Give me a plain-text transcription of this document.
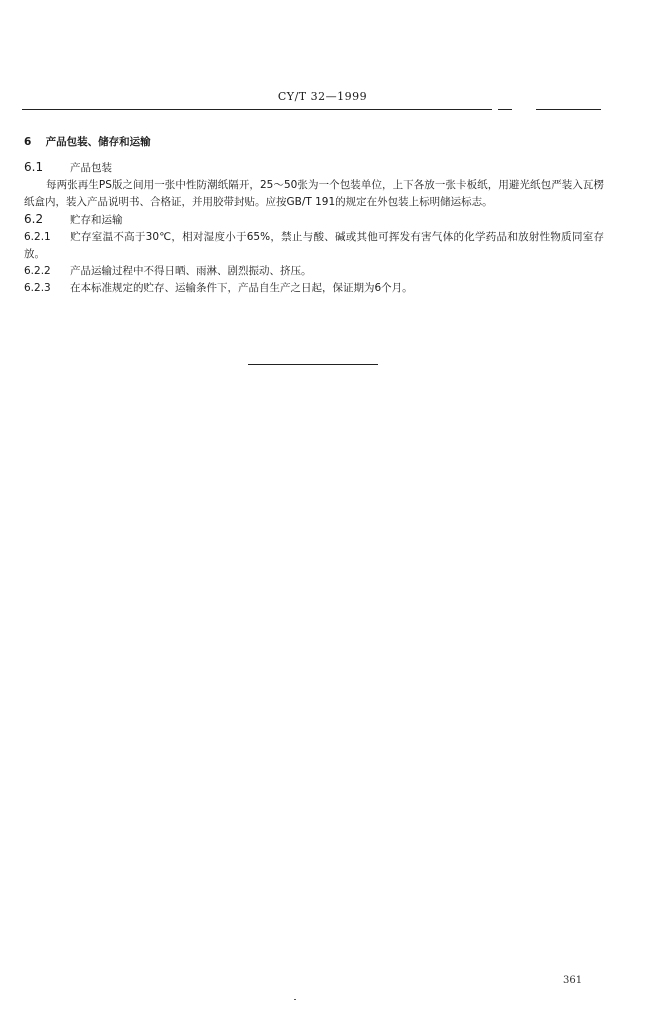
CY/T 32—1999

6 产品包装、储存和运输

6.1	产品包装

每两张再生PS版之间用一张中性防潮纸隔开，25～50张为一个包装单位，上下各放一张卡板纸，用避光纸包严装入瓦楞纸盒内，装入产品说明书、合格证，并用胶带封贴。应按GB/T 191的规定在外包装上标明储运标志。

6.2	贮存和运输

6.2.1 贮存室温不高于30℃，相对湿度小于65%，禁止与酸、碱或其他可挥发有害气体的化学药品和放射性物质同室存放。

6.2.2 产品运输过程中不得日晒、雨淋、剧烈振动、挤压。

6.2.3 在本标准规定的贮存、运输条件下，产品自生产之日起，保证期为6个月。

361
